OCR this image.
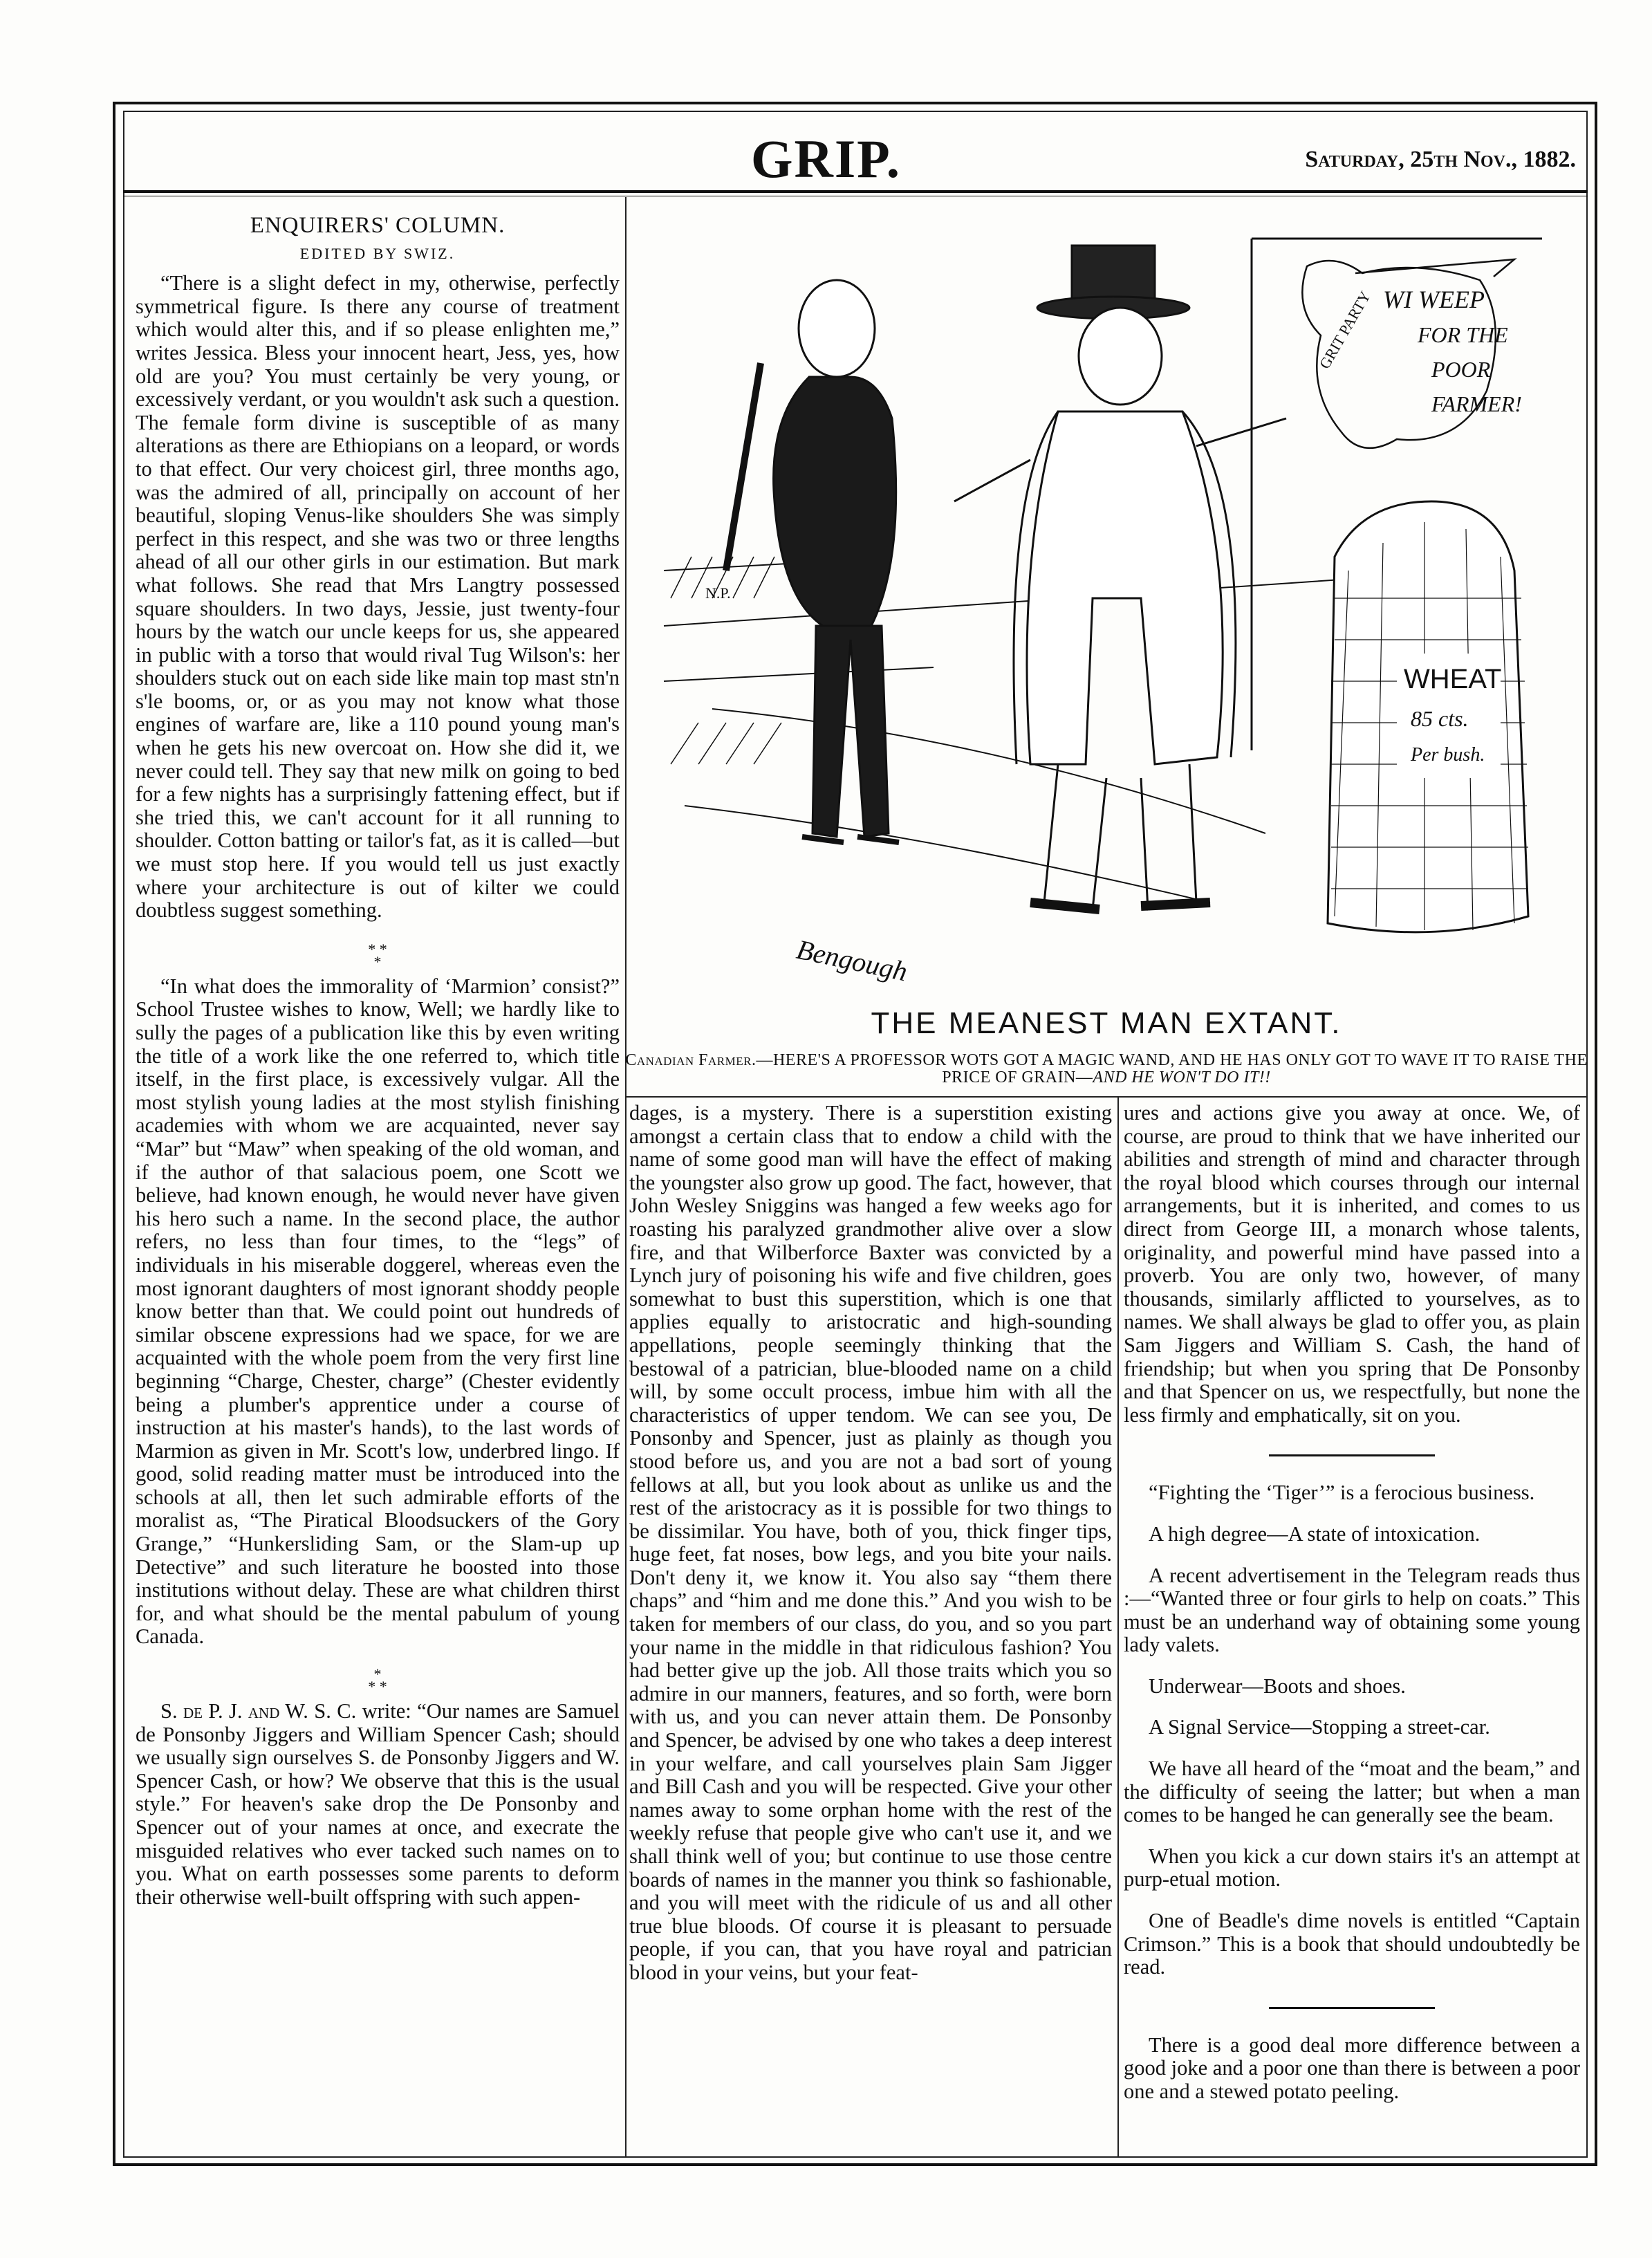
GRIP.	Saturday, 25th Nov., 1882.
ENQUIRERS' COLUMN.
EDITED BY SWIZ.

“There is a slight defect in my, otherwise, perfectly symmetrical figure. Is there any course of treatment which would alter this, and if so please enlighten me,” writes Jessica. Bless your innocent heart, Jess, yes, how old are you? You must certainly be very young, or excessively verdant, or you wouldn't ask such a question. The female form divine is susceptible of as many alterations as there are Ethiopians on a leopard, or words to that effect. Our very choicest girl, three months ago, was the admired of all, principally on account of her beautiful, sloping Venus-like shoulders She was simply perfect in this respect, and she was two or three lengths ahead of all our other girls in our estimation. But mark what follows. She read that Mrs Langtry possessed square shoulders. In two days, Jessie, just twenty-four hours by the watch our uncle keeps for us, she appeared in public with a torso that would rival Tug Wilson's: her shoulders stuck out on each side like main top mast stn'n s'le booms, or, or as you may not know what those engines of warfare are, like a 110 pound young man's when he gets his new overcoat on. How she did it, we never could tell. They say that new milk on going to bed for a few nights has a surprisingly fattening effect, but if she tried this, we can't account for it all running to shoulder. Cotton batting or tailor's fat, as it is called—but we must stop here. If you would tell us just exactly where your architecture is out of kilter we could doubtless suggest something.

* *
*

“In what does the immorality of ‘Marmion’ consist?” School Trustee wishes to know, Well; we hardly like to sully the pages of a publication like this by even writing the title of a work like the one referred to, which title itself, in the first place, is excessively vulgar. All the most stylish young ladies at the most stylish finishing academies with whom we are acquainted, never say “Mar” but “Maw” when speaking of the old woman, and if the author of that salacious poem, one Scott we believe, had known enough, he would never have given his hero such a name. In the second place, the author refers, no less than four times, to the “legs” of individuals in his miserable doggerel, whereas even the most ignorant daughters of most ignorant shoddy people know better than that. We could point out hundreds of similar obscene expressions had we space, for we are acquainted with the whole poem from the very first line beginning “Charge, Chester, charge” (Chester evidently being a plumber's apprentice under a course of instruction at his master's hands), to the last words of Marmion as given in Mr. Scott's low, underbred lingo. If good, solid reading matter must be introduced into the schools at all, then let such admirable efforts of the moralist as, “The Piratical Bloodsuckers of the Gory Grange,” “Hunkersliding Sam, or the Slam-up up Detective” and such literature he boosted into those institutions without delay. These are what children thirst for, and what should be the mental pabulum of young Canada.

*
* *

S. de P. J. and W. S. C. write: “Our names are Samuel de Ponsonby Jiggers and William Spencer Cash; should we usually sign ourselves S. de Ponsonby Jiggers and W. Spencer Cash, or how? We observe that this is the usual style.” For heaven's sake drop the De Ponsonby and Spencer out of your names at once, and execrate the misguided relatives who ever tacked such names on to you. What on earth possesses some parents to deform their otherwise well-built offspring with such appen-

N.P.
WI WEEP
FOR THE
POOR
FARMER!
GRIT PARTY
WHEAT
85 cts.
Per bush.
Bengough
THE MEANEST MAN EXTANT.
Canadian Farmer.—HERE'S A PROFESSOR WOTS GOT A MAGIC WAND, AND HE HAS ONLY GOT TO WAVE IT TO RAISE THE PRICE OF GRAIN—AND HE WON'T DO IT!!

dages, is a mystery. There is a superstition existing amongst a certain class that to endow a child with the name of some good man will have the effect of making the youngster also grow up good. The fact, however, that John Wesley Sniggins was hanged a few weeks ago for roasting his paralyzed grandmother alive over a slow fire, and that Wilberforce Baxter was convicted by a Lynch jury of poisoning his wife and five children, goes somewhat to bust this superstition, which is one that applies equally to aristocratic and high-sounding appellations, people seemingly thinking that the bestowal of a patrician, blue-blooded name on a child will, by some occult process, imbue him with all the characteristics of upper tendom. We can see you, De Ponsonby and Spencer, just as plainly as though you stood before us, and you are not a bad sort of young fellows at all, but you look about as unlike us and the rest of the aristocracy as it is possible for two things to be dissimilar. You have, both of you, thick finger tips, huge feet, fat noses, bow legs, and you bite your nails. Don't deny it, we know it. You also say “them there chaps” and “him and me done this.” And you wish to be taken for members of our class, do you, and so you part your name in the middle in that ridiculous fashion? You had better give up the job. All those traits which you so admire in our manners, features, and so forth, were born with us, and you can never attain them. De Ponsonby and Spencer, be advised by one who takes a deep interest in your welfare, and call yourselves plain Sam Jigger and Bill Cash and you will be respected. Give your other names away to some orphan home with the rest of the weekly refuse that people give who can't use it, and we shall think well of you; but continue to use those centre boards of names in the manner you think so fashionable, and you will meet with the ridicule of us and all other true blue bloods. Of course it is pleasant to persuade people, if you can, that you have royal and patrician blood in your veins, but your feat-

ures and actions give you away at once. We, of course, are proud to think that we have inherited our abilities and strength of mind and character through the royal blood which courses through our internal arrangements, but it is inherited, and comes to us direct from George III, a monarch whose talents, originality, and powerful mind have passed into a proverb. You are only two, however, of many thousands, similarly afflicted to yourselves, as to names. We shall always be glad to offer you, as plain Sam Jiggers and William S. Cash, the hand of friendship; but when you spring that De Ponsonby and that Spencer on us, we respectfully, but none the less firmly and emphatically, sit on you.

“Fighting the ‘Tiger’” is a ferocious business.

A high degree—A state of intoxication.

A recent advertisement in the Telegram reads thus :—“Wanted three or four girls to help on coats.” This must be an underhand way of obtaining some young lady valets.

Underwear—Boots and shoes.

A Signal Service—Stopping a street-car.

We have all heard of the “moat and the beam,” and the difficulty of seeing the latter; but when a man comes to be hanged he can generally see the beam.

When you kick a cur down stairs it's an attempt at purp-etual motion.

One of Beadle's dime novels is entitled “Captain Crimson.” This is a book that should undoubtedly be read.

There is a good deal more difference between a good joke and a poor one than there is between a poor one and a stewed potato peeling.
